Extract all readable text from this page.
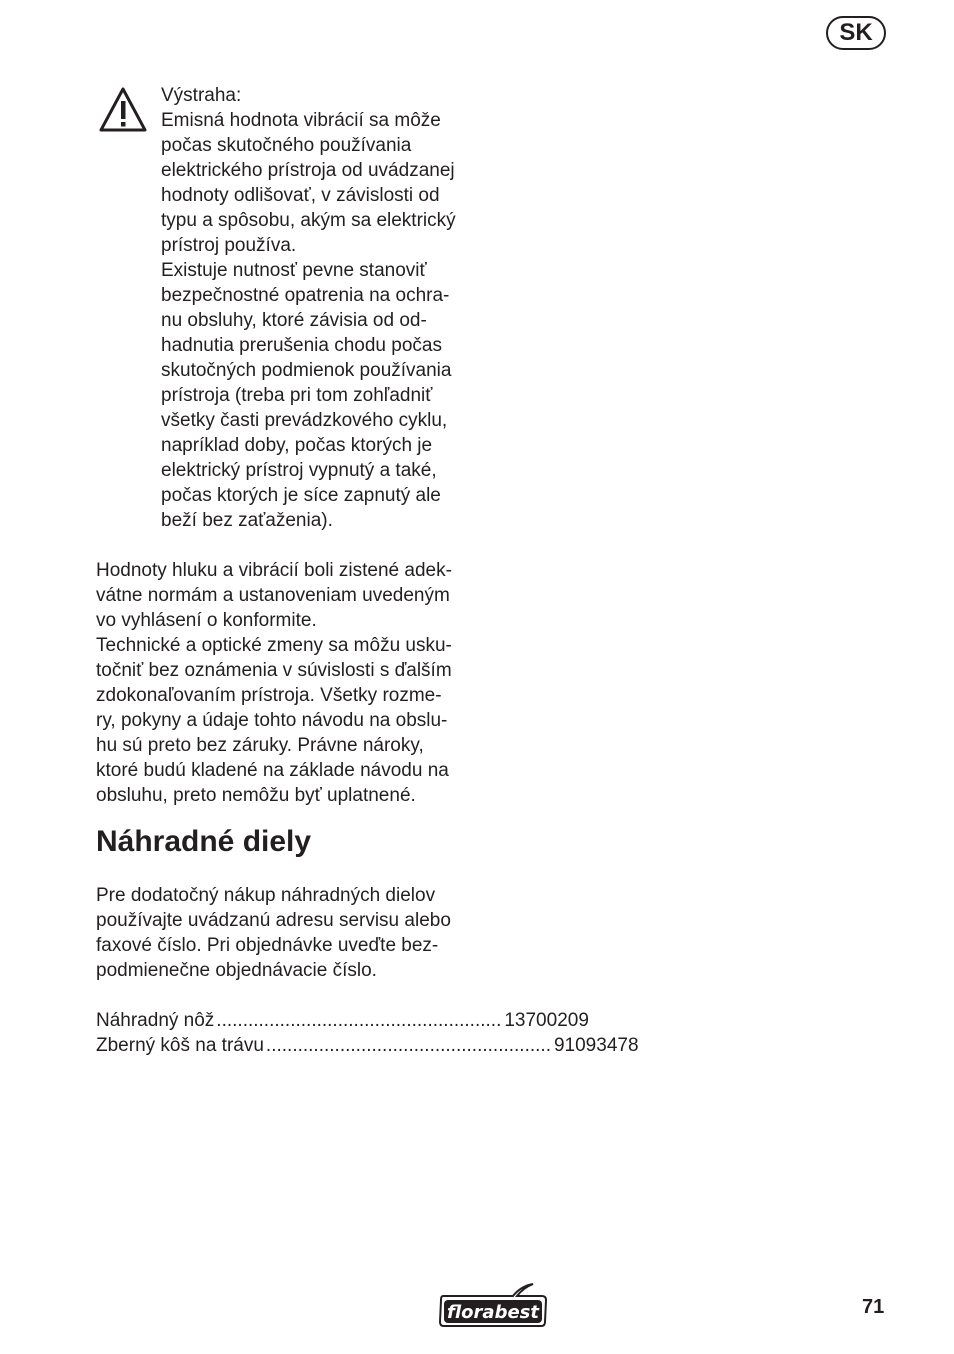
SK
Výstraha:
Emisná hodnota vibrácií sa môže
počas skutočného používania
elektrického prístroja od uvádzanej
hodnoty odlišovať, v závislosti od
typu a spôsobu, akým sa elektrický
prístroj používa.
Existuje nutnosť pevne stanoviť
bezpečnostné opatrenia na ochra-
nu obsluhy, ktoré závisia od od-
hadnutia prerušenia chodu počas
skutočných podmienok používania
prístroja (treba pri tom zohľadniť
všetky časti prevádzkového cyklu,
napríklad doby, počas ktorých je
elektrický prístroj vypnutý a také,
počas ktorých je síce zapnutý ale
beží bez zaťaženia).
Hodnoty hluku a vibrácií boli zistené adek-
vátne normám a ustanoveniam uvedeným
vo vyhlásení o konformite.
Technické a optické zmeny sa môžu usku-
točniť bez oznámenia v súvislosti s ďalším
zdokonaľovaním prístroja. Všetky rozme-
ry, pokyny a údaje tohto návodu na obslu-
hu sú preto bez záruky. Právne nároky,
ktoré budú kladené na základe návodu na
obsluhu, preto nemôžu byť uplatnené.
Náhradné diely
Pre dodatočný nákup náhradných dielov
používajte uvádzanú adresu servisu alebo
faxové číslo. Pri objednávke uveďte bez-
podmienečne objednávacie číslo.
Náhradný nôž ...................................................... 13700209
Zberný kôš na trávu ...................................................... 91093478
florabest	71
